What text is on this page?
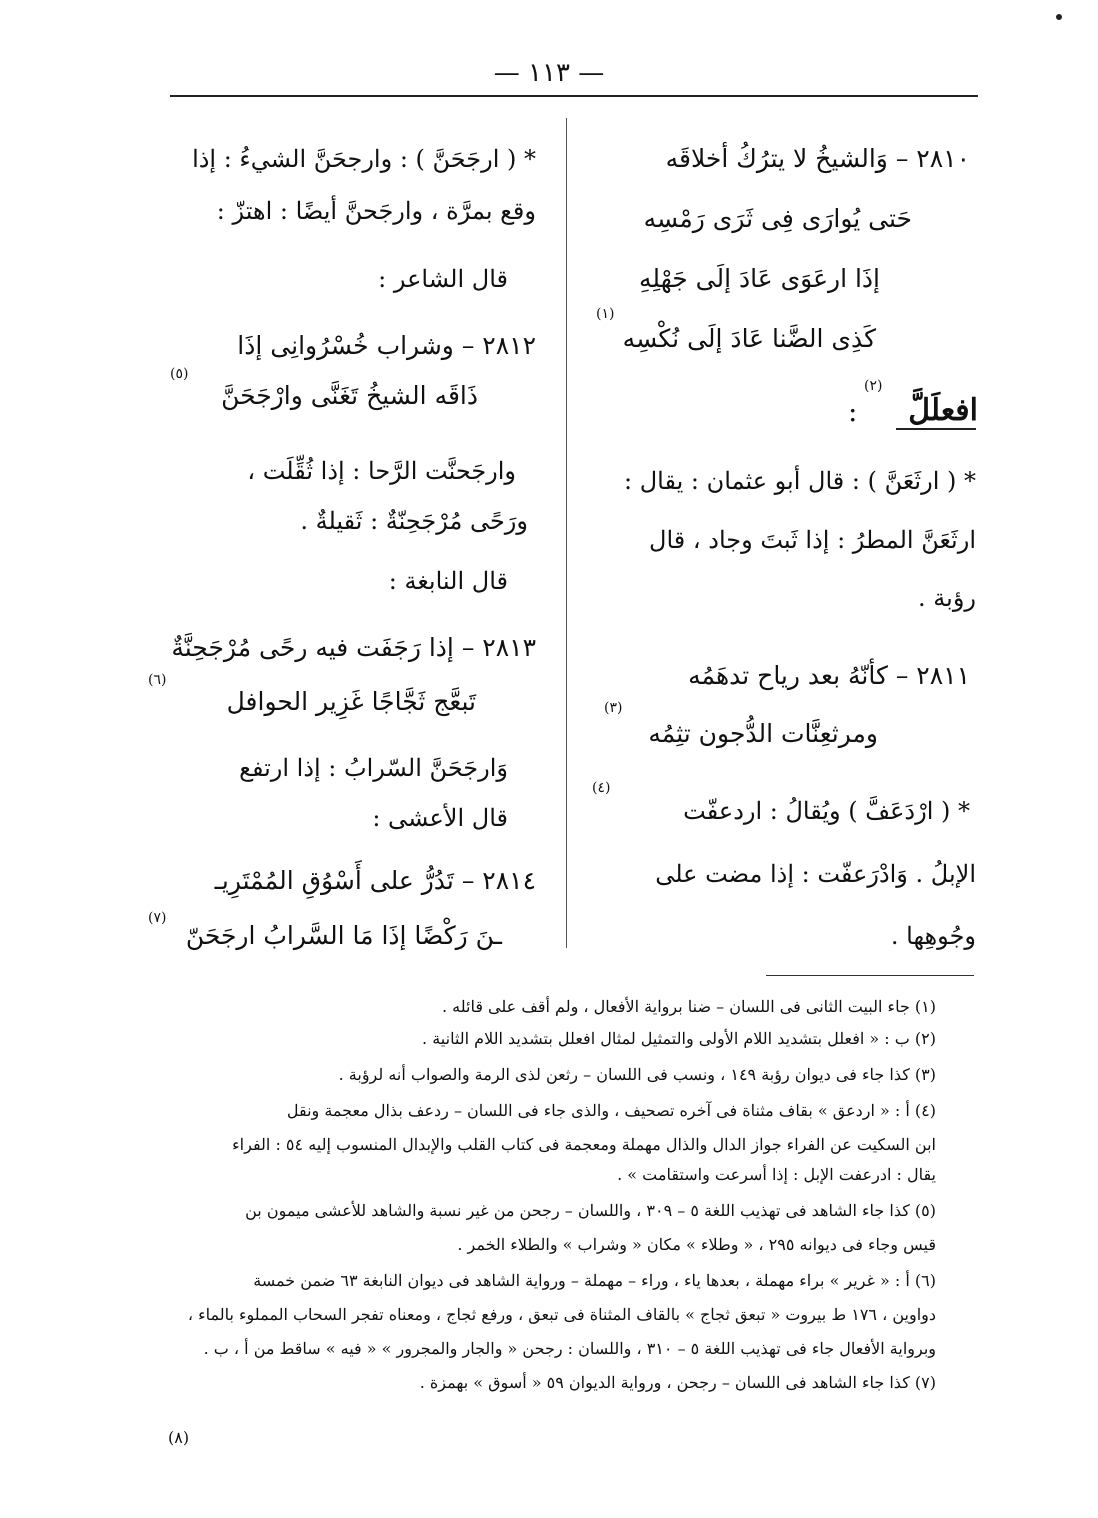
— ١١٣ —
٢٨١٠ – وَالشيخُ لا يترُكُ أخلاقَه
حَتى يُوارَى فِى ثَرَى رَمْسِه
إذَا ارعَوَى عَادَ إلَى جَهْلِهِ
كَذِى الضَّنا عَادَ إلَى نُكْسِه
(١)
افعلَلَّ
(٢)
:
* ( ارثَعَنَّ ) : قال أبو عثمان : يقال :
ارثَعَنَّ المطرُ : إذا ثَبتَ وجاد ، قال
رؤبة .
٢٨١١ – كأنّهُ بعد رياح تدهَمُه
ومرثعِنَّات الدُّجون تثِمُه
(٣)
* ( ارْدَعَفَّ ) ويُقالُ : اردعفّت
(٤)
الإبلُ . وَادْرَعفّت : إذا مضت على
وجُوهِها .
* ( ارجَحَنَّ ) : وارجحَنَّ الشيءُ : إذا
وقع بمرَّة ، وارجَحنَّ أيضًا : اهتزّ :
قال الشاعر :
٢٨١٢ – وشراب خُسْرُوانِى إذَا
ذَاقَه الشيخُ تَغَنَّى وارْجَحَنَّ
(٥)
وارجَحنَّت الرَّحا : إذا ثُقِّلَت ،
ورَحًى مُرْجَحِنّةٌ : ثَقيلةٌ .
قال النابغة :
٢٨١٣ – إذا رَجَفَت فيه رحًى مُرْجَحِنَّةٌ
تَبعَّج ثَجَّاجًا غَزِير الحوافل
(٦)
وَارجَحَنَّ السّرابُ : إذا ارتفع
قال الأعشى :
٢٨١٤ – تَدُرُّ على أَسْوُقِ المُمْتَرِيـ
ـنَ رَكْضًا إذَا مَا السَّرابُ ارجَحَنّ
(٧)
(١) جاء البيت الثانى فى اللسان – ضنا برواية الأفعال ، ولم أقف على قائله .
(٢) ب : « افعلل بتشديد اللام الأولى والتمثيل لمثال افعلل بتشديد اللام الثانية .
(٣) كذا جاء فى ديوان رؤبة ١٤٩ ، ونسب فى اللسان – رثعن لذى الرمة والصواب أنه لرؤبة .
(٤) أ : « اردعق » بقاف مثناة فى آخره تصحيف ، والذى جاء فى اللسان – ردعف بذال معجمة ونقل
ابن السكيت عن الفراء جواز الدال والذال مهملة ومعجمة فى كتاب القلب والإبدال المنسوب إليه ٥٤ : الفراء
يقال : ادرعفت الإبل : إذا أسرعت واستقامت » .
(٥) كذا جاء الشاهد فى تهذيب اللغة ٥ – ٣٠٩ ، واللسان – رجحن من غير نسبة والشاهد للأعشى ميمون بن
قيس وجاء فى ديوانه ٢٩٥ ، « وطلاء » مكان « وشراب » والطلاء الخمر .
(٦) أ : « غرير » براء مهملة ، بعدها ياء ، وراء – مهملة – ورواية الشاهد فى ديوان النابغة ٦٣ ضمن خمسة
دواوين ، ١٧٦ ط بيروت « تبعق ثجاج » بالقاف المثناة فى تبعق ، ورفع ثجاج ، ومعناه تفجر السحاب المملوء بالماء ،
وبرواية الأفعال جاء فى تهذيب اللغة ٥ – ٣١٠ ، واللسان : رجحن « والجار والمجرور » « فيه » ساقط من أ ، ب .
(٧) كذا جاء الشاهد فى اللسان – رجحن ، ورواية الديوان ٥٩ « أسوق » بهمزة .
(٨)
